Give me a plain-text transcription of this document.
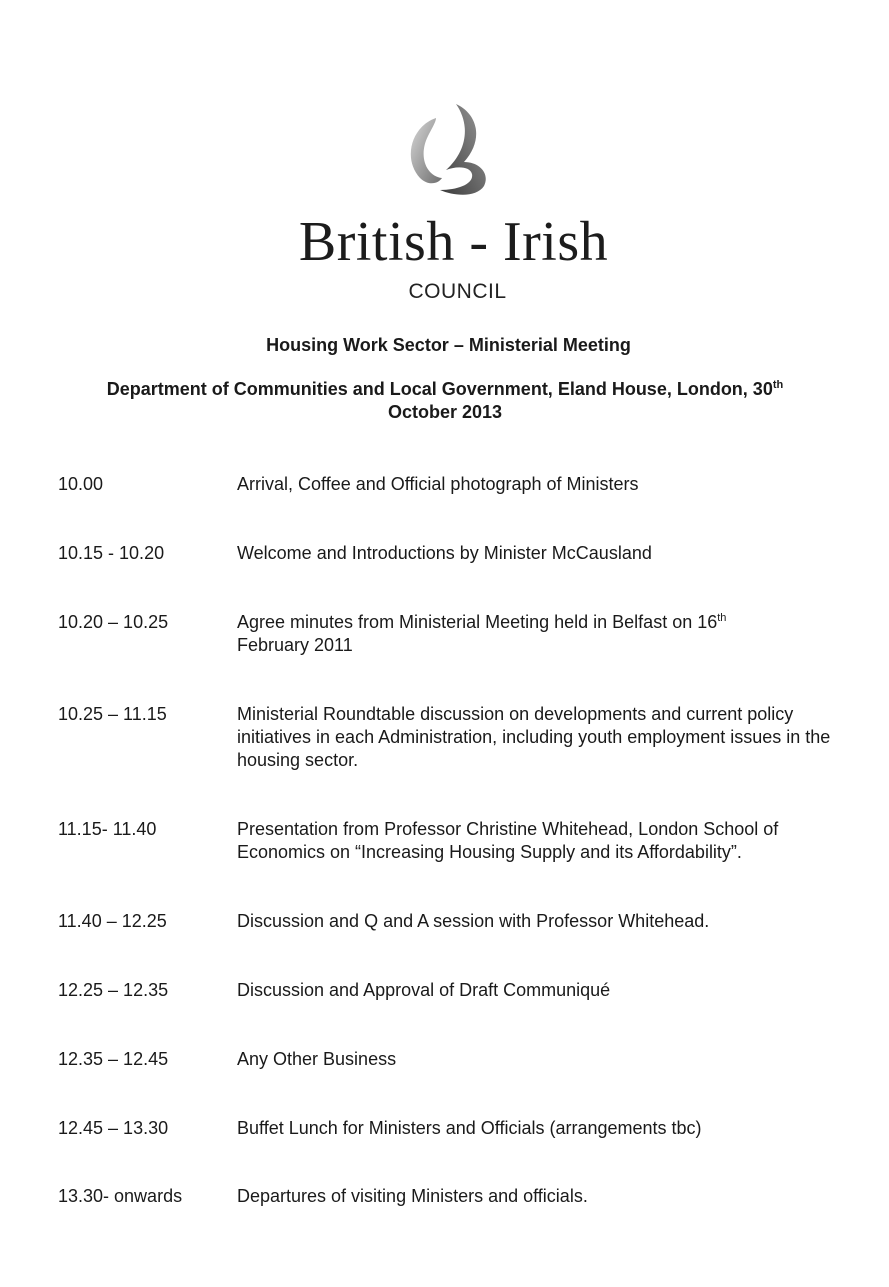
British - Irish
COUNCIL
Housing Work Sector – Ministerial Meeting
Department of Communities and Local Government, Eland House, London, 30th
October 2013
10.00	Arrival, Coffee and Official photograph of Ministers
10.15 - 10.20	Welcome and Introductions by Minister McCausland
10.20 – 10.25	Agree minutes from Ministerial Meeting held in Belfast on 16th
February 2011
10.25 – 11.15	Ministerial Roundtable discussion on developments and current policy initiatives in each Administration, including youth employment issues in the housing sector.
11.15- 11.40	Presentation from Professor Christine Whitehead, London School of Economics on “Increasing Housing Supply and its Affordability”.
11.40 – 12.25	Discussion and Q and A session with Professor Whitehead.
12.25 – 12.35	Discussion and Approval of Draft Communiqué
12.35 – 12.45	Any Other Business
12.45 – 13.30	Buffet Lunch for Ministers and Officials (arrangements tbc)
13.30- onwards	Departures of visiting Ministers and officials.
